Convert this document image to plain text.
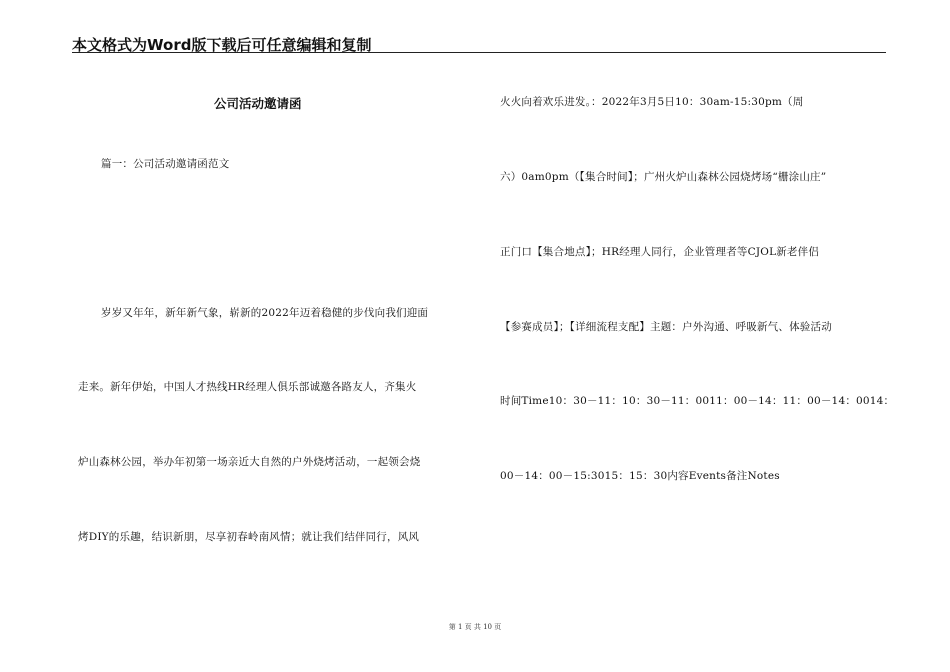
本文格式为Word版下载后可任意编辑和复制
公司活动邀请函
篇一：公司活动邀请函范文
岁岁又年年，新年新气象，崭新的2022年迈着稳健的步伐向我们迎面
走来。新年伊始，中国人才热线HR经理人俱乐部诚邀各路友人，齐集火
炉山森林公园，举办年初第一场亲近大自然的户外烧烤活动，一起领会烧
烤DIY的乐趣，结识新朋，尽享初春岭南风情；就让我们结伴同行，风风
火火向着欢乐进发。：2022年3月5日10：30am-15:30pm（周
六）0am0pm（【集合时间】；广州火炉山森林公园烧烤场“栅涂山庄”
正门口【集合地点】；HR经理人同行，企业管理者等CJOL新老伴侣
【参赛成员】；【详细流程支配】主题：户外沟通、呼吸新气、体验活动
时间Time10：30－11：10：30－11：0011：00－14：11：00－14：0014：
00－14：00－15:3015：15：30内容Events备注Notes
第 1 页 共 10 页
